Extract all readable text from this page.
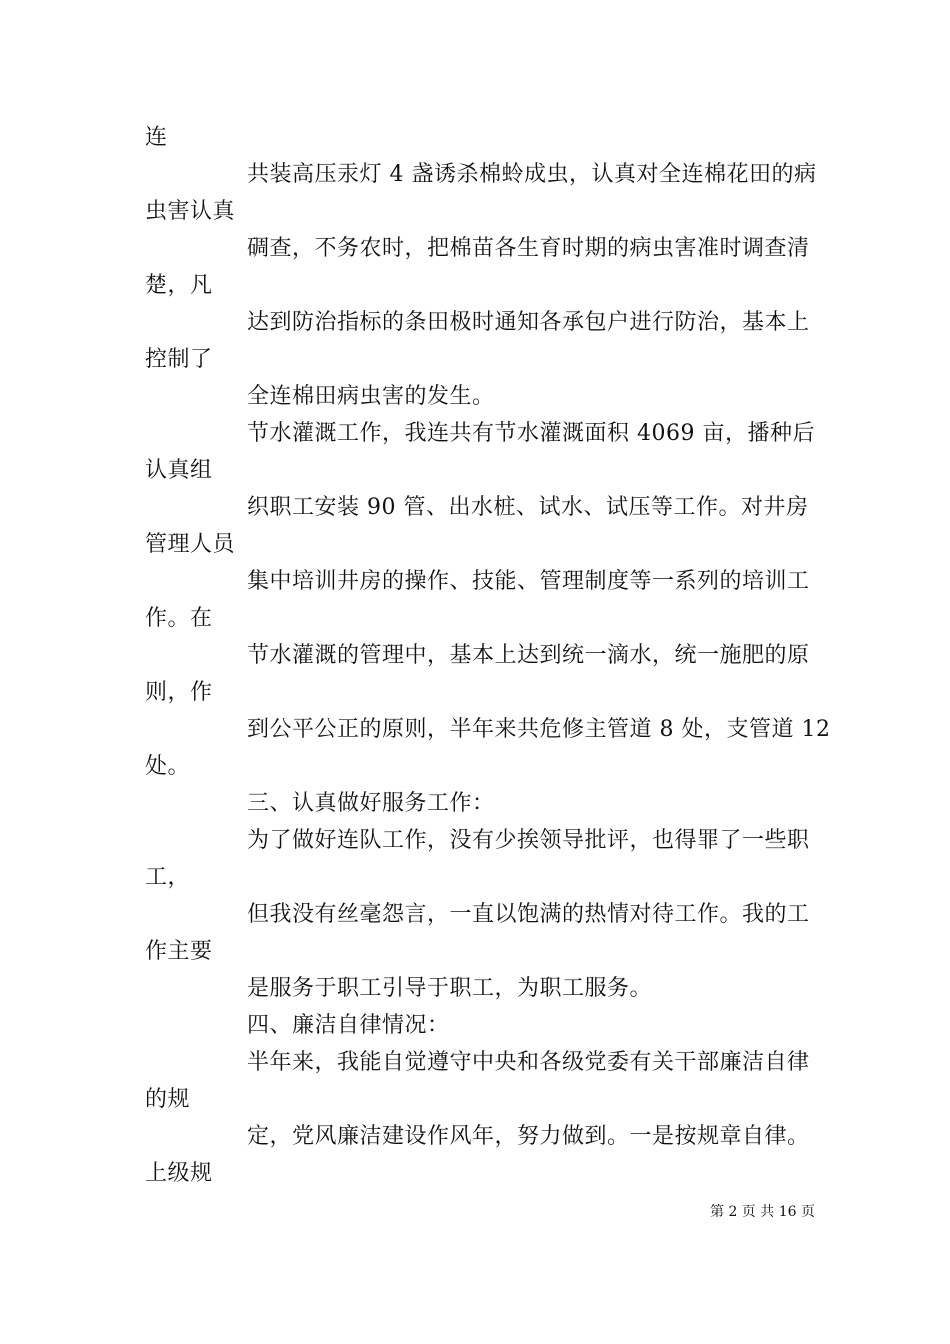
连
共装高压汞灯 4 盏诱杀棉蛉成虫，认真对全连棉花田的病
虫害认真
碉查，不务农时，把棉苗各生育时期的病虫害准时调查清
楚，凡
达到防治指标的条田极时通知各承包户进行防治，基本上
控制了
全连棉田病虫害的发生。
节水灌溉工作，我连共有节水灌溉面积 4069 亩，播种后
认真组
织职工安装 90 管、出水桩、试水、试压等工作。对井房
管理人员
集中培训井房的操作、技能、管理制度等一系列的培训工
作。在
节水灌溉的管理中，基本上达到统一滴水，统一施肥的原
则，作
到公平公正的原则，半年来共危修主管道 8 处，支管道 12
处。
三、认真做好服务工作：
为了做好连队工作，没有少挨领导批评，也得罪了一些职
工，
但我没有丝毫怨言，一直以饱满的热情对待工作。我的工
作主要
是服务于职工引导于职工，为职工服务。
四、廉洁自律情况：
半年来，我能自觉遵守中央和各级党委有关干部廉洁自律
的规
定，党风廉洁建设作风年，努力做到。一是按规章自律。
上级规
第 2 页 共 16 页
